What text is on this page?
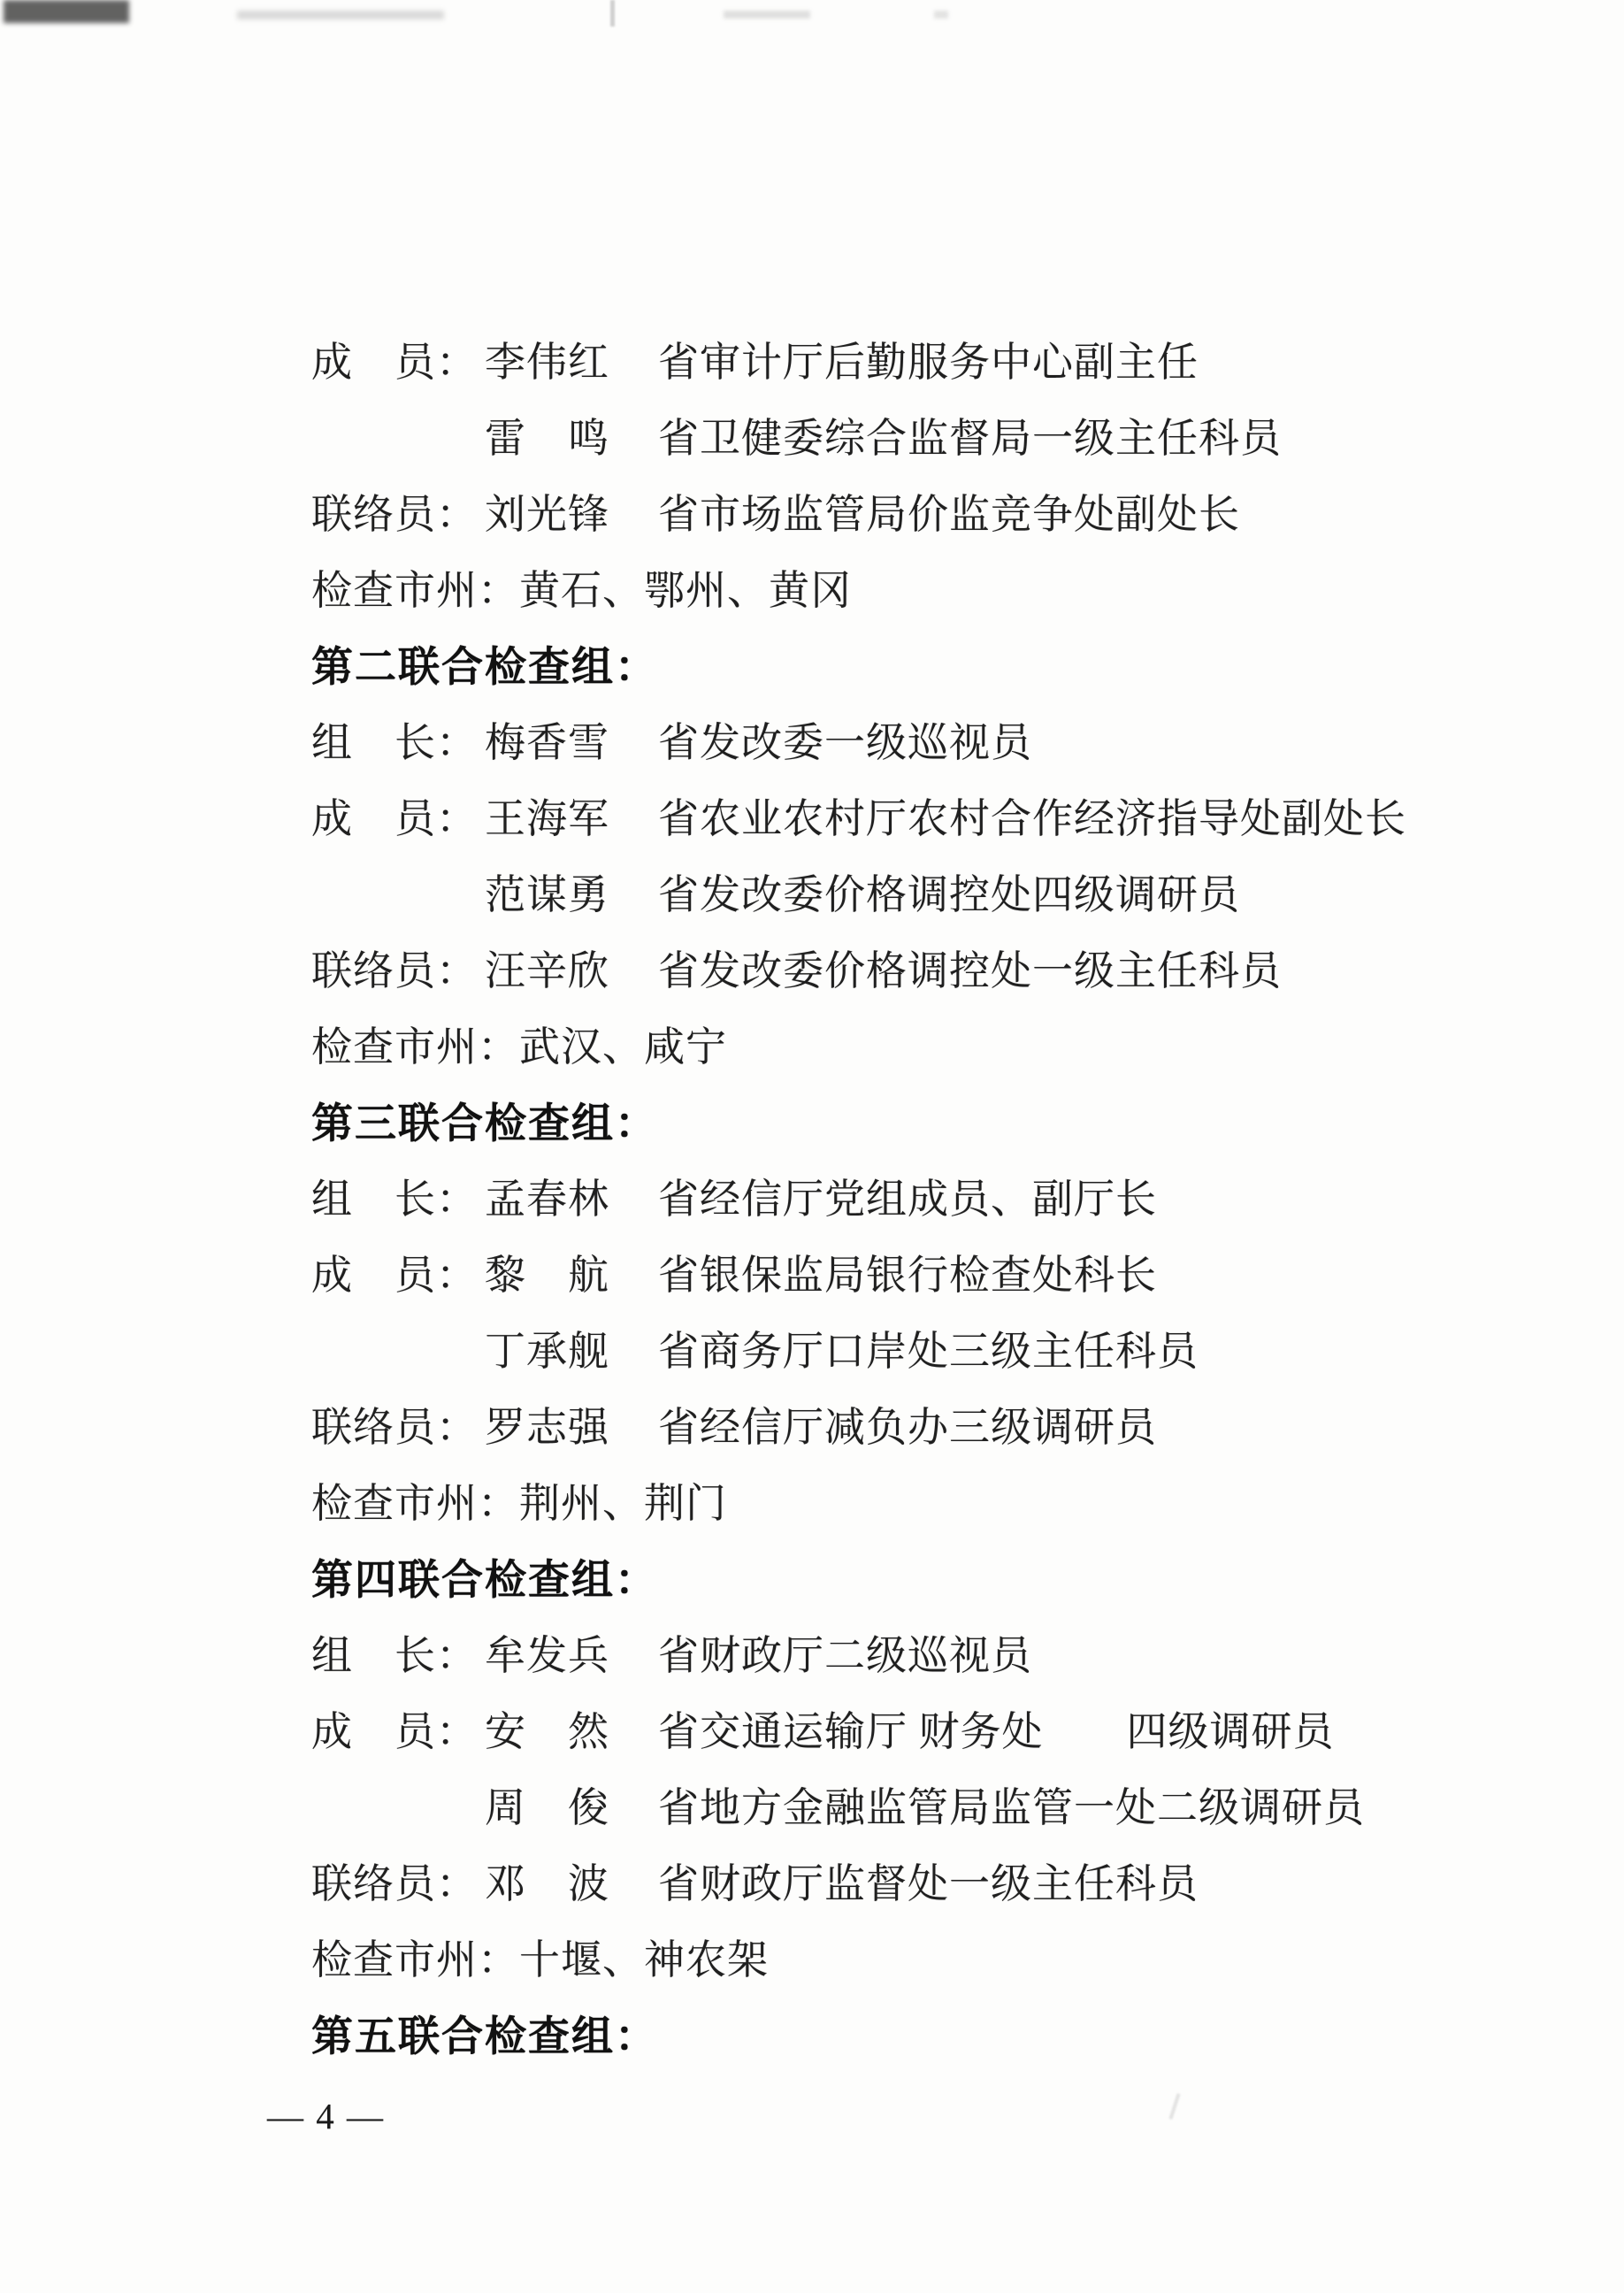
成　员： 李伟红	省审计厅后勤服务中心副主任
雷　鸣	省卫健委综合监督局一级主任科员
联络员： 刘光锋	省市场监管局价监竞争处副处长
检查市州： 黄石、鄂州、黄冈
第二联合检查组：
组　长： 梅香雪	省发改委一级巡视员
成　员： 王海军	省农业农村厅农村合作经济指导处副处长
范谋勇	省发改委价格调控处四级调研员
联络员： 汪辛欣	省发改委价格调控处一级主任科员
检查市州： 武汉、咸宁
第三联合检查组：
组　长： 孟春林	省经信厅党组成员、副厅长
成　员： 黎　航	省银保监局银行检查处科长
丁承舰	省商务厅口岸处三级主任科员
联络员： 罗志强	省经信厅减负办三级调研员
检查市州： 荆州、荆门
第四联合检查组：
组　长： 牟发兵	省财政厅二级巡视员
成　员： 安　然	省交通运输厅 财务处　　四级调研员
周　俊	省地方金融监管局监管一处二级调研员
联络员： 邓　波	省财政厅监督处一级主任科员
检查市州： 十堰、神农架
第五联合检查组：
— 4 —
